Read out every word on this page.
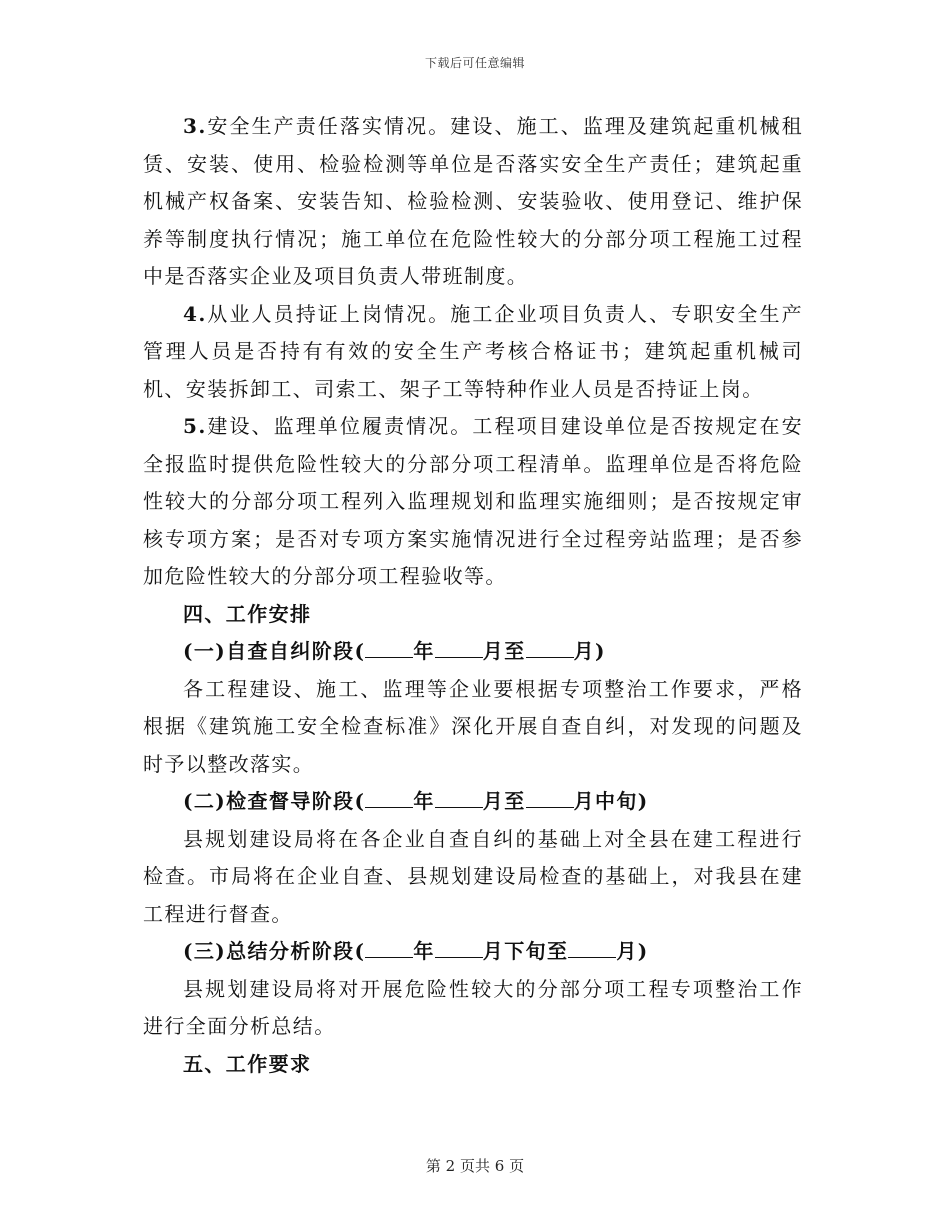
下载后可任意编辑

3.安全生产责任落实情况。建设、施工、监理及建筑起重机械租赁、安装、使用、检验检测等单位是否落实安全生产责任；建筑起重机械产权备案、安装告知、检验检测、安装验收、使用登记、维护保养等制度执行情况；施工单位在危险性较大的分部分项工程施工过程中是否落实企业及项目负责人带班制度。

4.从业人员持证上岗情况。施工企业项目负责人、专职安全生产管理人员是否持有有效的安全生产考核合格证书；建筑起重机械司机、安装拆卸工、司索工、架子工等特种作业人员是否持证上岗。

5.建设、监理单位履责情况。工程项目建设单位是否按规定在安全报监时提供危险性较大的分部分项工程清单。监理单位是否将危险性较大的分部分项工程列入监理规划和监理实施细则；是否按规定审核专项方案；是否对专项方案实施情况进行全过程旁站监理；是否参加危险性较大的分部分项工程验收等。

四、工作安排

(一)自查自纠阶段( 年 月至 月)

各工程建设、施工、监理等企业要根据专项整治工作要求，严格根据《建筑施工安全检查标准》深化开展自查自纠，对发现的问题及时予以整改落实。

(二)检查督导阶段( 年 月至 月中旬)

县规划建设局将在各企业自查自纠的基础上对全县在建工程进行检查。市局将在企业自查、县规划建设局检查的基础上，对我县在建工程进行督查。

(三)总结分析阶段( 年 月下旬至 月)

县规划建设局将对开展危险性较大的分部分项工程专项整治工作进行全面分析总结。

五、工作要求

第 2 页共 6 页
